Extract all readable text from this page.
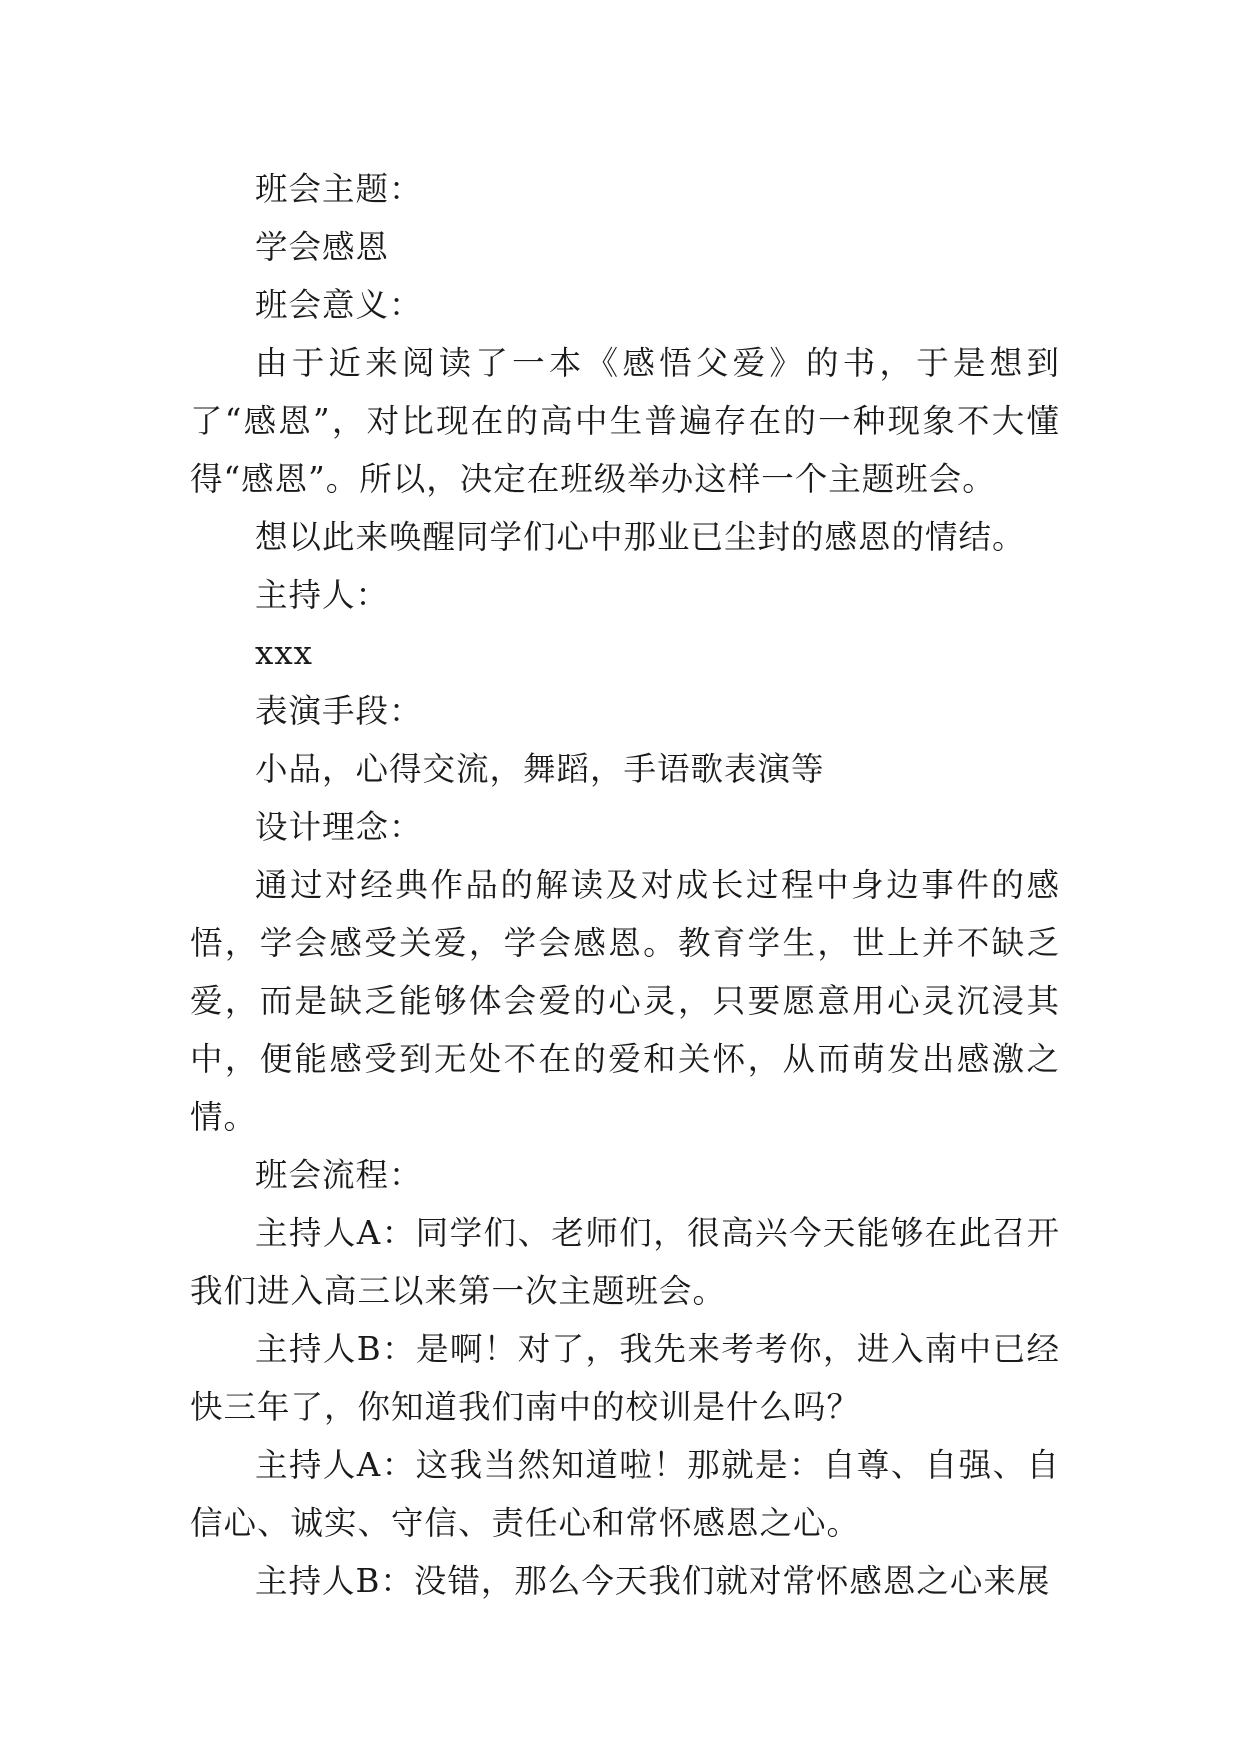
班会主题：

学会感恩

班会意义：

由于近来阅读了一本《感悟父爱》的书，于是想到了“感恩”，对比现在的高中生普遍存在的一种现象不大懂得“感恩”。所以，决定在班级举办这样一个主题班会。

想以此来唤醒同学们心中那业已尘封的感恩的情结。

主持人：

xxx

表演手段：

小品，心得交流，舞蹈，手语歌表演等

设计理念：

通过对经典作品的解读及对成长过程中身边事件的感悟，学会感受关爱，学会感恩。教育学生，世上并不缺乏爱，而是缺乏能够体会爱的心灵，只要愿意用心灵沉浸其中，便能感受到无处不在的爱和关怀，从而萌发出感激之情。

班会流程：

主持人A：同学们、老师们，很高兴今天能够在此召开我们进入高三以来第一次主题班会。

主持人B：是啊！对了，我先来考考你，进入南中已经快三年了，你知道我们南中的校训是什么吗？

主持人A：这我当然知道啦！那就是：自尊、自强、自信心、诚实、守信、责任心和常怀感恩之心。

主持人B：没错，那么今天我们就对常怀感恩之心来展
